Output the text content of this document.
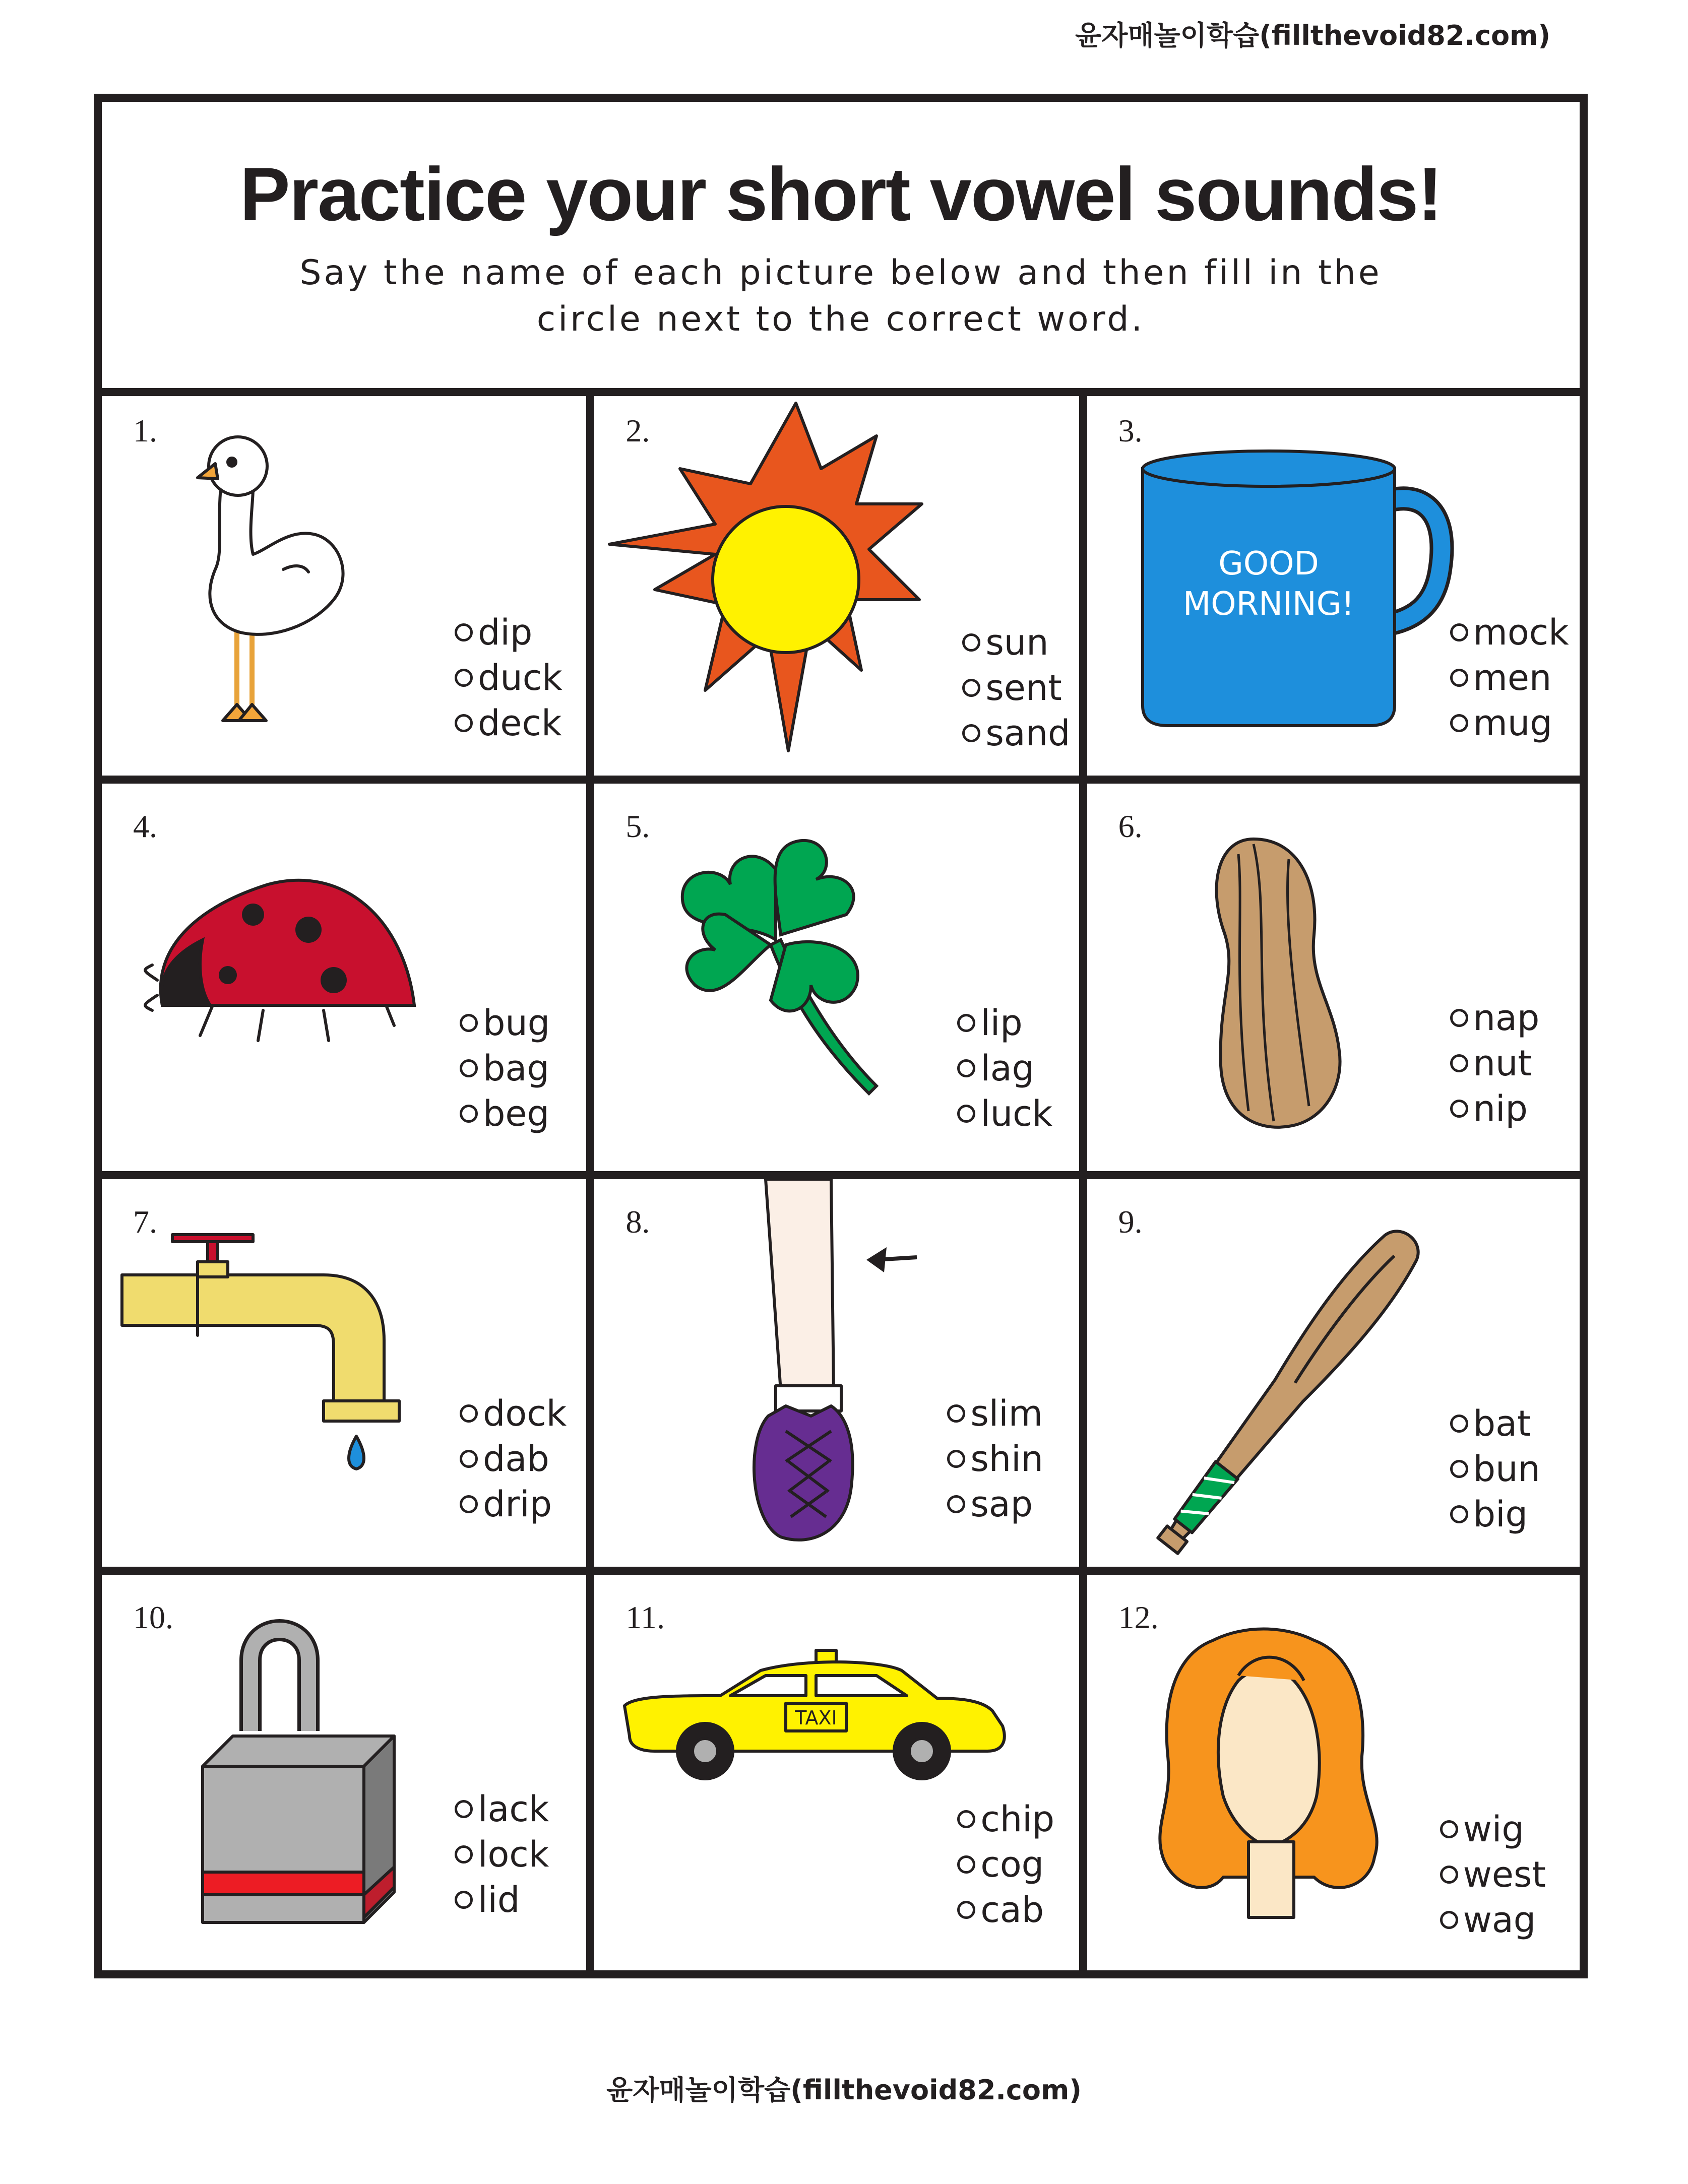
윤자매놀이학습(fillthevoid82.com)
Practice your short vowel sounds!
Say the name of each picture below and then fill in the
circle next to the correct word.
1.
dip
duck
deck
2.
sun
sent
sand
3.
GOOD
MORNING!
mock
men
mug
4.
bug
bag
beg
5.
lip
lag
luck
6.
nap
nut
nip
7.
dock
dab
drip
8.
slim
shin
sap
9.
bat
bun
big
10.
lack
lock
lid
11.
TAXI
chip
cog
cab
12.
wig
west
wag
윤자매놀이학습(fillthevoid82.com)
